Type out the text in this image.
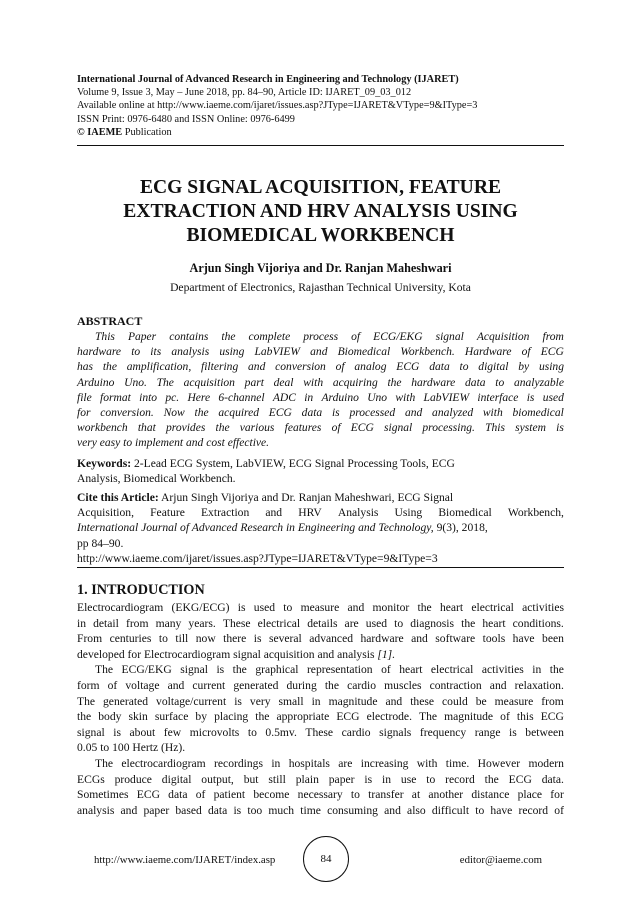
International Journal of Advanced Research in Engineering and Technology (IJARET)
Volume 9, Issue 3, May – June 2018, pp. 84–90, Article ID: IJARET_09_03_012
Available online at http://www.iaeme.com/ijaret/issues.asp?JType=IJARET&VType=9&IType=3
ISSN Print: 0976-6480 and ISSN Online: 0976-6499
© IAEME Publication
ECG SIGNAL ACQUISITION, FEATURE
EXTRACTION AND HRV ANALYSIS USING
BIOMEDICAL WORKBENCH
Arjun Singh Vijoriya and Dr. Ranjan Maheshwari
Department of Electronics, Rajasthan Technical University, Kota
ABSTRACT
This Paper contains the complete process of ECG/EKG signal Acquisition from
hardware to its analysis using LabVIEW and Biomedical Workbench. Hardware of ECG
has the amplification, filtering and conversion of analog ECG data to digital by using
Arduino Uno. The acquisition part deal with acquiring the hardware data to analyzable
file format into pc. Here 6-channel ADC in Arduino Uno with LabVIEW interface is used
for conversion. Now the acquired ECG data is processed and analyzed with biomedical
workbench that provides the various features of ECG signal processing. This system is
very easy to implement and cost effective.
Keywords: 2-Lead ECG System, LabVIEW, ECG Signal Processing Tools, ECG
Analysis, Biomedical Workbench.
Cite this Article: Arjun Singh Vijoriya and Dr. Ranjan Maheshwari, ECG Signal
Acquisition, Feature Extraction and HRV Analysis Using Biomedical Workbench,
International Journal of Advanced Research in Engineering and Technology, 9(3), 2018,
pp 84–90.
http://www.iaeme.com/ijaret/issues.asp?JType=IJARET&VType=9&IType=3
1. INTRODUCTION
Electrocardiogram (EKG/ECG) is used to measure and monitor the heart electrical activities
in detail from many years. These electrical details are used to diagnosis the heart conditions.
From centuries to till now there is several advanced hardware and software tools have been
developed for Electrocardiogram signal acquisition and analysis [1].
The ECG/EKG signal is the graphical representation of heart electrical activities in the
form of voltage and current generated during the cardio muscles contraction and relaxation.
The generated voltage/current is very small in magnitude and these could be measure from
the body skin surface by placing the appropriate ECG electrode. The magnitude of this ECG
signal is about few microvolts to 0.5mv. These cardio signals frequency range is between
0.05 to 100 Hertz (Hz).
The electrocardiogram recordings in hospitals are increasing with time. However modern
ECGs produce digital output, but still plain paper is in use to record the ECG data.
Sometimes ECG data of patient become necessary to transfer at another distance place for
analysis and paper based data is too much time consuming and also difficult to have record of
http://www.iaeme.com/IJARET/index.asp	84	editor@iaeme.com
